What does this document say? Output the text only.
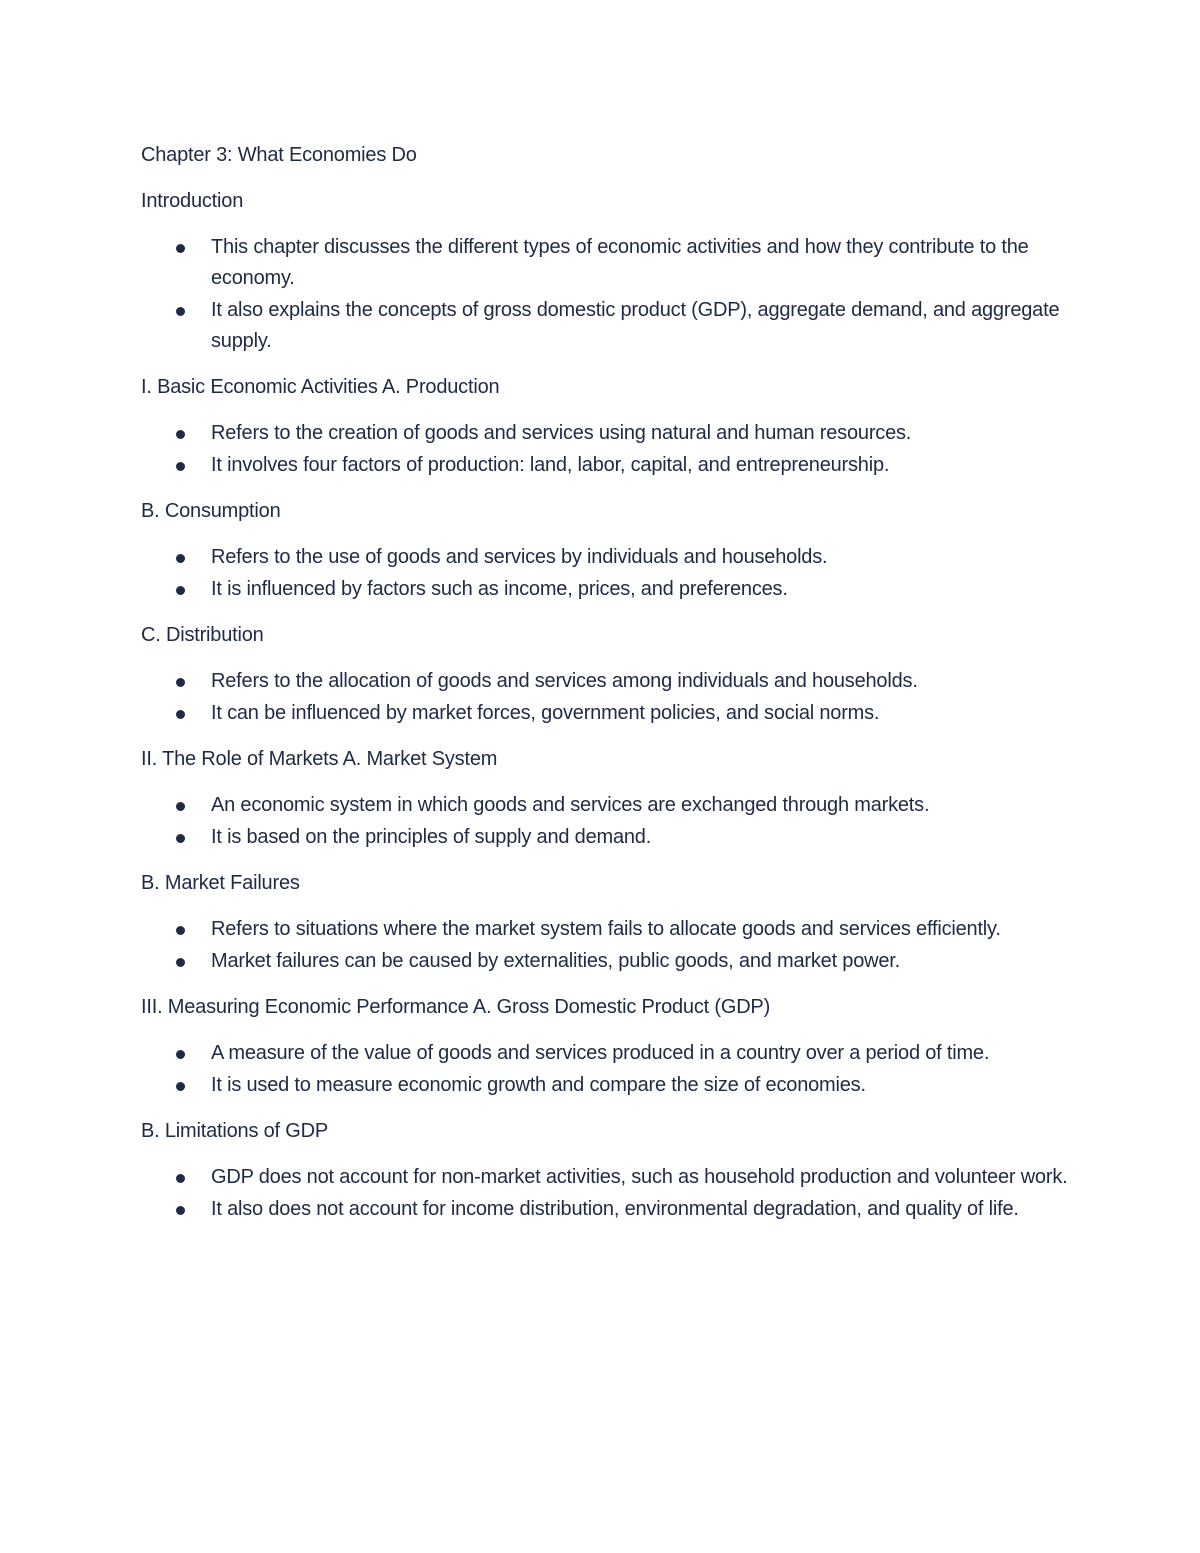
Chapter 3: What Economies Do

Introduction

This chapter discusses the different types of economic activities and how they contribute to the economy.
It also explains the concepts of gross domestic product (GDP), aggregate demand, and aggregate supply.

I. Basic Economic Activities A. Production

Refers to the creation of goods and services using natural and human resources.
It involves four factors of production: land, labor, capital, and entrepreneurship.

B. Consumption

Refers to the use of goods and services by individuals and households.
It is influenced by factors such as income, prices, and preferences.

C. Distribution

Refers to the allocation of goods and services among individuals and households.
It can be influenced by market forces, government policies, and social norms.

II. The Role of Markets A. Market System

An economic system in which goods and services are exchanged through markets.
It is based on the principles of supply and demand.

B. Market Failures

Refers to situations where the market system fails to allocate goods and services efficiently.
Market failures can be caused by externalities, public goods, and market power.

III. Measuring Economic Performance A. Gross Domestic Product (GDP)

A measure of the value of goods and services produced in a country over a period of time.
It is used to measure economic growth and compare the size of economies.

B. Limitations of GDP

GDP does not account for non-market activities, such as household production and volunteer work.
It also does not account for income distribution, environmental degradation, and quality of life.
